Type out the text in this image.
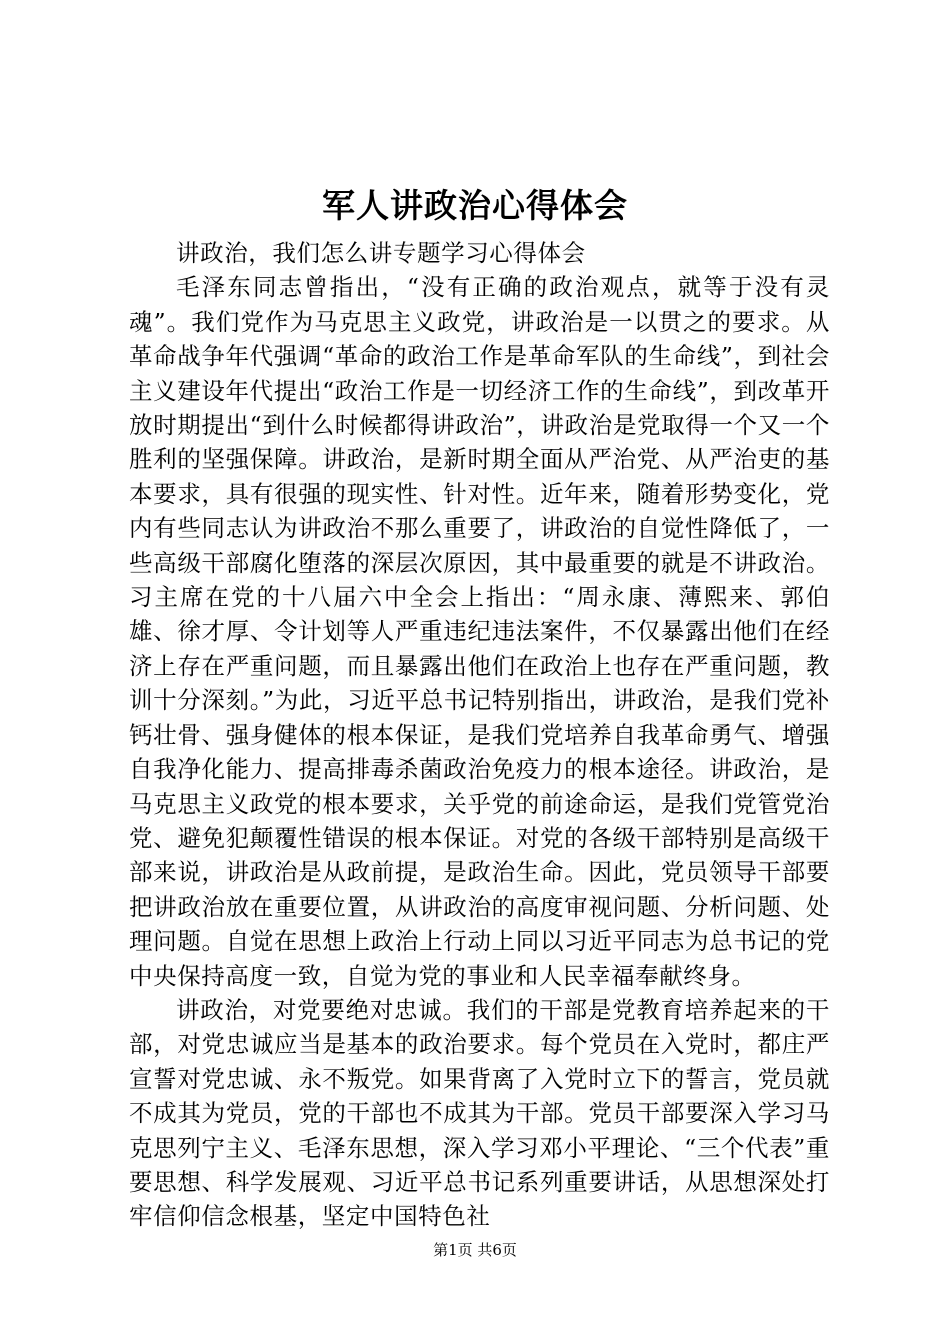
军人讲政治心得体会

讲政治，我们怎么讲专题学习心得体会

毛泽东同志曾指出，“没有正确的政治观点，就等于没有灵魂”。我们党作为马克思主义政党，讲政治是一以贯之的要求。从革命战争年代强调“革命的政治工作是革命军队的生命线”，到社会主义建设年代提出“政治工作是一切经济工作的生命线”，到改革开放时期提出“到什么时候都得讲政治”，讲政治是党取得一个又一个胜利的坚强保障。讲政治，是新时期全面从严治党、从严治吏的基本要求，具有很强的现实性、针对性。近年来，随着形势变化，党内有些同志认为讲政治不那么重要了，讲政治的自觉性降低了，一些高级干部腐化堕落的深层次原因，其中最重要的就是不讲政治。习主席在党的十八届六中全会上指出：“周永康、薄熙来、郭伯雄、徐才厚、令计划等人严重违纪违法案件，不仅暴露出他们在经济上存在严重问题，而且暴露出他们在政治上也存在严重问题，教训十分深刻。”为此，习近平总书记特别指出，讲政治，是我们党补钙壮骨、强身健体的根本保证，是我们党培养自我革命勇气、增强自我净化能力、提高排毒杀菌政治免疫力的根本途径。讲政治，是马克思主义政党的根本要求，关乎党的前途命运，是我们党管党治党、避免犯颠覆性错误的根本保证。对党的各级干部特别是高级干部来说，讲政治是从政前提，是政治生命。因此，党员领导干部要把讲政治放在重要位置，从讲政治的高度审视问题、分析问题、处理问题。自觉在思想上政治上行动上同以习近平同志为总书记的党中央保持高度一致，自觉为党的事业和人民幸福奉献终身。

讲政治，对党要绝对忠诚。我们的干部是党教育培养起来的干部，对党忠诚应当是基本的政治要求。每个党员在入党时，都庄严宣誓对党忠诚、永不叛党。如果背离了入党时立下的誓言，党员就不成其为党员，党的干部也不成其为干部。党员干部要深入学习马克思列宁主义、毛泽东思想，深入学习邓小平理论、“三个代表”重要思想、科学发展观、习近平总书记系列重要讲话，从思想深处打牢信仰信念根基，坚定中国特色社

第1页 共6页
